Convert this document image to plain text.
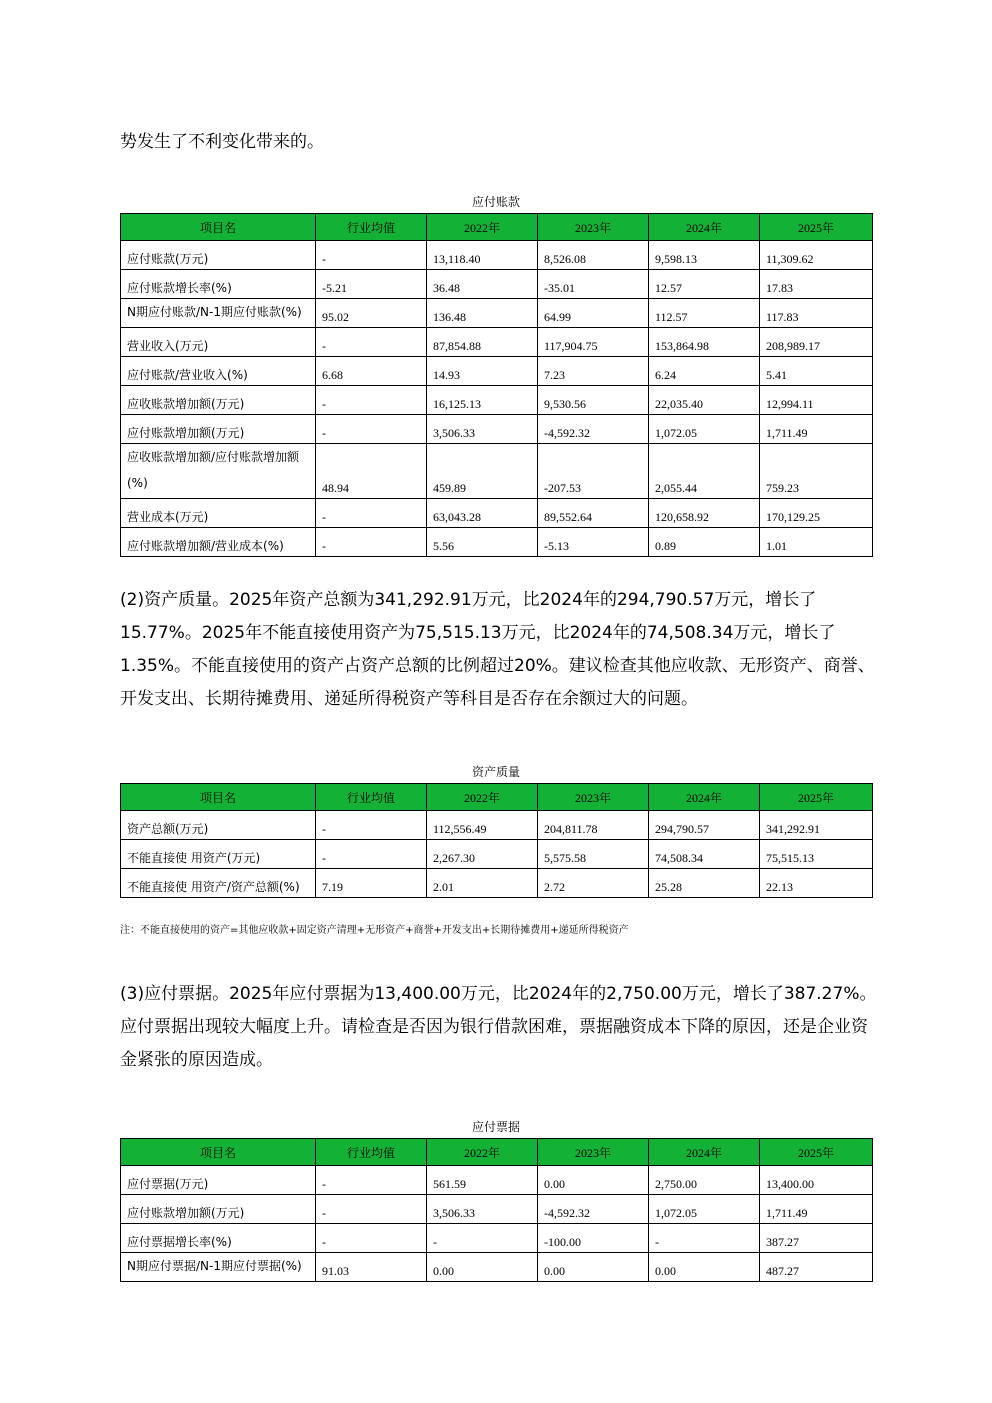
势发生了不利变化带来的。

应付账款
项目名	行业均值	2022年	2023年	2024年	2025年
应付账款(万元)	-	13,118.40	8,526.08	9,598.13	11,309.62
应付账款增长率(%)	-5.21	36.48	-35.01	12.57	17.83
N期应付账款/N-1期应付账款(%)	95.02	136.48	64.99	112.57	117.83
营业收入(万元)	-	87,854.88	117,904.75	153,864.98	208,989.17
应付账款/营业收入(%)	6.68	14.93	7.23	6.24	5.41
应收账款增加额(万元)	-	16,125.13	9,530.56	22,035.40	12,994.11
应付账款增加额(万元)	-	3,506.33	-4,592.32	1,072.05	1,711.49
应收账款增加额/应付账款增加额(%)	48.94	459.89	-207.53	2,055.44	759.23
营业成本(万元)	-	63,043.28	89,552.64	120,658.92	170,129.25
应付账款增加额/营业成本(%)	-	5.56	-5.13	0.89	1.01

(2)资产质量。2025年资产总额为341,292.91万元，比2024年的294,790.57万元，增长了15.77%。2025年不能直接使用资产为75,515.13万元，比2024年的74,508.34万元，增长了1.35%。不能直接使用的资产占资产总额的比例超过20%。建议检查其他应收款、无形资产、商誉、开发支出、长期待摊费用、递延所得税资产等科目是否存在余额过大的问题。

资产质量
项目名	行业均值	2022年	2023年	2024年	2025年
资产总额(万元)	-	112,556.49	204,811.78	294,790.57	341,292.91
不能直接使 用资产(万元)	-	2,267.30	5,575.58	74,508.34	75,515.13
不能直接使 用资产/资产总额(%)	7.19	2.01	2.72	25.28	22.13
注：不能直接使用的资产=其他应收款+固定资产清理+无形资产+商誉+开发支出+长期待摊费用+递延所得税资产

(3)应付票据。2025年应付票据为13,400.00万元，比2024年的2,750.00万元，增长了387.27%。应付票据出现较大幅度上升。请检查是否因为银行借款困难，票据融资成本下降的原因，还是企业资金紧张的原因造成。

应付票据
项目名	行业均值	2022年	2023年	2024年	2025年
应付票据(万元)	-	561.59	0.00	2,750.00	13,400.00
应付账款增加额(万元)	-	3,506.33	-4,592.32	1,072.05	1,711.49
应付票据增长率(%)	-	-	-100.00	-	387.27
N期应付票据/N-1期应付票据(%)	91.03	0.00	0.00	0.00	487.27
